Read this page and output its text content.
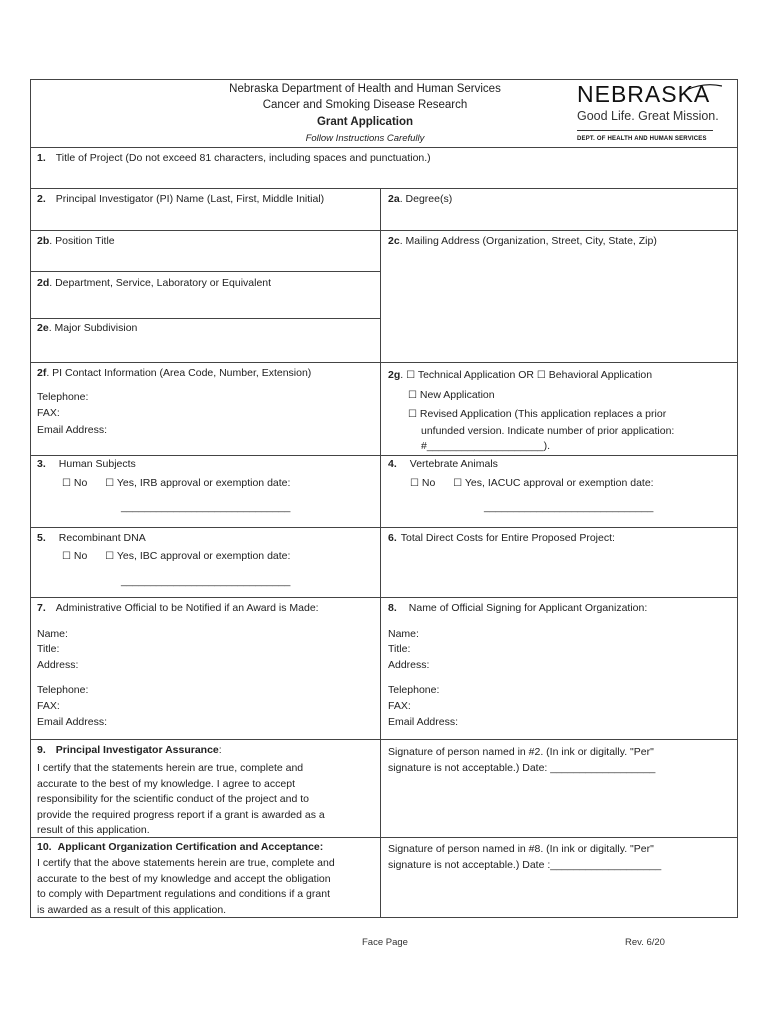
Nebraska Department of Health and Human Services
Cancer and Smoking Disease Research
Grant Application
Follow Instructions Carefully
NEBRASKA
Good Life. Great Mission.
DEPT. OF HEALTH AND HUMAN SERVICES
1. Title of Project (Do not exceed 81 characters, including spaces and punctuation.)
2. Principal Investigator (PI) Name (Last, First, Middle Initial)	2a. Degree(s)
2b. Position Title	2c. Mailing Address (Organization, Street, City, State, Zip)
2d. Department, Service, Laboratory or Equivalent
2e. Major Subdivision
2f. PI Contact Information (Area Code, Number, Extension)
Telephone:
FAX:
Email Address:
2g. ☐ Technical Application OR ☐ Behavioral Application
☐ New Application
☐ Revised Application (This application replaces a prior
unfunded version. Indicate number of prior application:
#____________________).
3. Human Subjects
☐ No ☐ Yes, IRB approval or exemption date:
_____________________________
4. Vertebrate Animals
☐ No ☐ Yes, IACUC approval or exemption date:
_____________________________
5. Recombinant DNA
☐ No ☐ Yes, IBC approval or exemption date:
_____________________________
6. Total Direct Costs for Entire Proposed Project:
7. Administrative Official to be Notified if an Award is Made:
Name:
Title:
Address:
Telephone:
FAX:
Email Address:
8. Name of Official Signing for Applicant Organization:
Name:
Title:
Address:
Telephone:
FAX:
Email Address:
9. Principal Investigator Assurance:
I certify that the statements herein are true, complete and
accurate to the best of my knowledge. I agree to accept
responsibility for the scientific conduct of the project and to
provide the required progress report if a grant is awarded as a
result of this application.
Signature of person named in #2. (In ink or digitally. "Per"
signature is not acceptable.) Date: __________________
10. Applicant Organization Certification and Acceptance:
I certify that the above statements herein are true, complete and
accurate to the best of my knowledge and accept the obligation
to comply with Department regulations and conditions if a grant
is awarded as a result of this application.
Signature of person named in #8. (In ink or digitally. "Per"
signature is not acceptable.) Date :___________________
Face Page	Rev. 6/20
